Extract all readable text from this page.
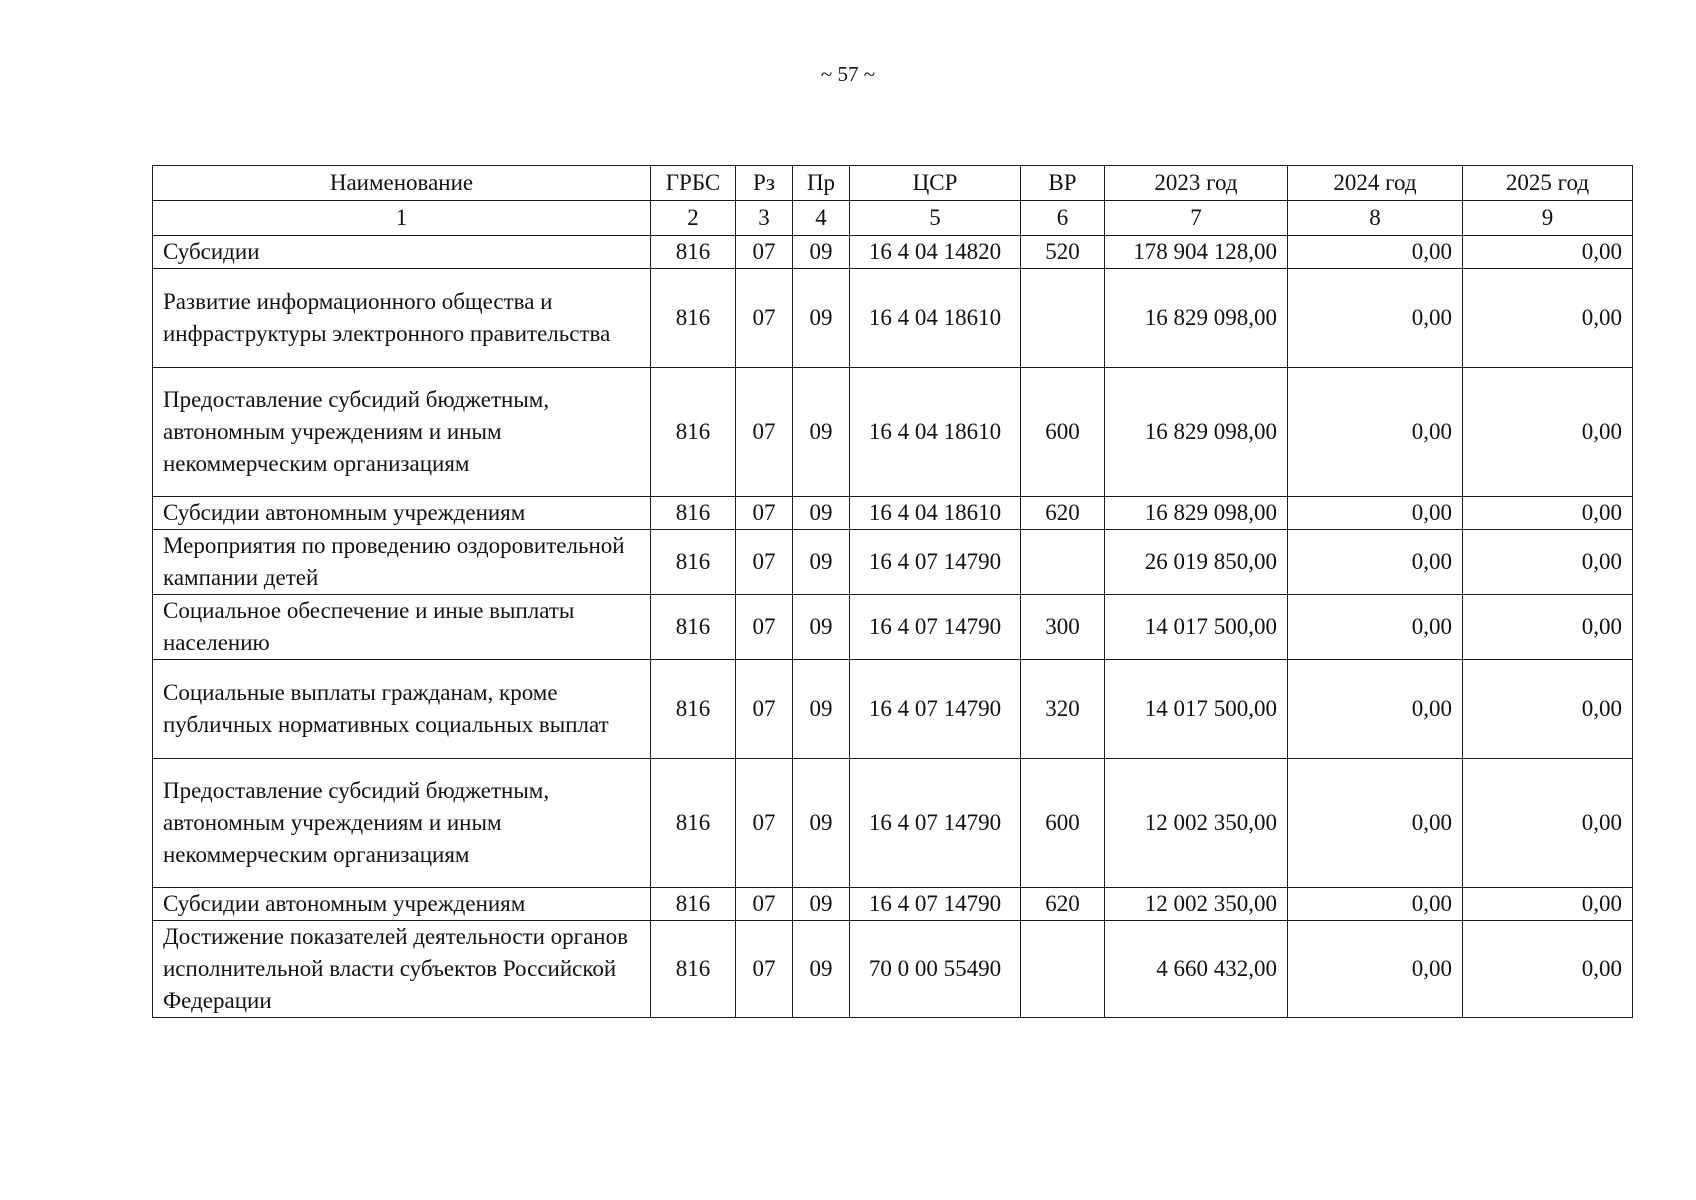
~ 57 ~
Наименование	ГРБС	Рз	Пр	ЦСР	ВР	2023 год	2024 год	2025 год
1	2	3	4	5	6	7	8	9
Субсидии	816	07	09	16 4 04 14820	520	178 904 128,00	0,00	0,00
Развитие информационного общества и инфраструктуры электронного правительства	816	07	09	16 4 04 18610		16 829 098,00	0,00	0,00
Предоставление субсидий бюджетным, автономным учреждениям и иным некоммерческим организациям	816	07	09	16 4 04 18610	600	16 829 098,00	0,00	0,00
Субсидии автономным учреждениям	816	07	09	16 4 04 18610	620	16 829 098,00	0,00	0,00
Мероприятия по проведению оздоровительной кампании детей	816	07	09	16 4 07 14790		26 019 850,00	0,00	0,00
Социальное обеспечение и иные выплаты населению	816	07	09	16 4 07 14790	300	14 017 500,00	0,00	0,00
Социальные выплаты гражданам, кроме публичных нормативных социальных выплат	816	07	09	16 4 07 14790	320	14 017 500,00	0,00	0,00
Предоставление субсидий бюджетным, автономным учреждениям и иным некоммерческим организациям	816	07	09	16 4 07 14790	600	12 002 350,00	0,00	0,00
Субсидии автономным учреждениям	816	07	09	16 4 07 14790	620	12 002 350,00	0,00	0,00
Достижение показателей деятельности органов исполнительной власти субъектов Российской Федерации	816	07	09	70 0 00 55490		4 660 432,00	0,00	0,00
